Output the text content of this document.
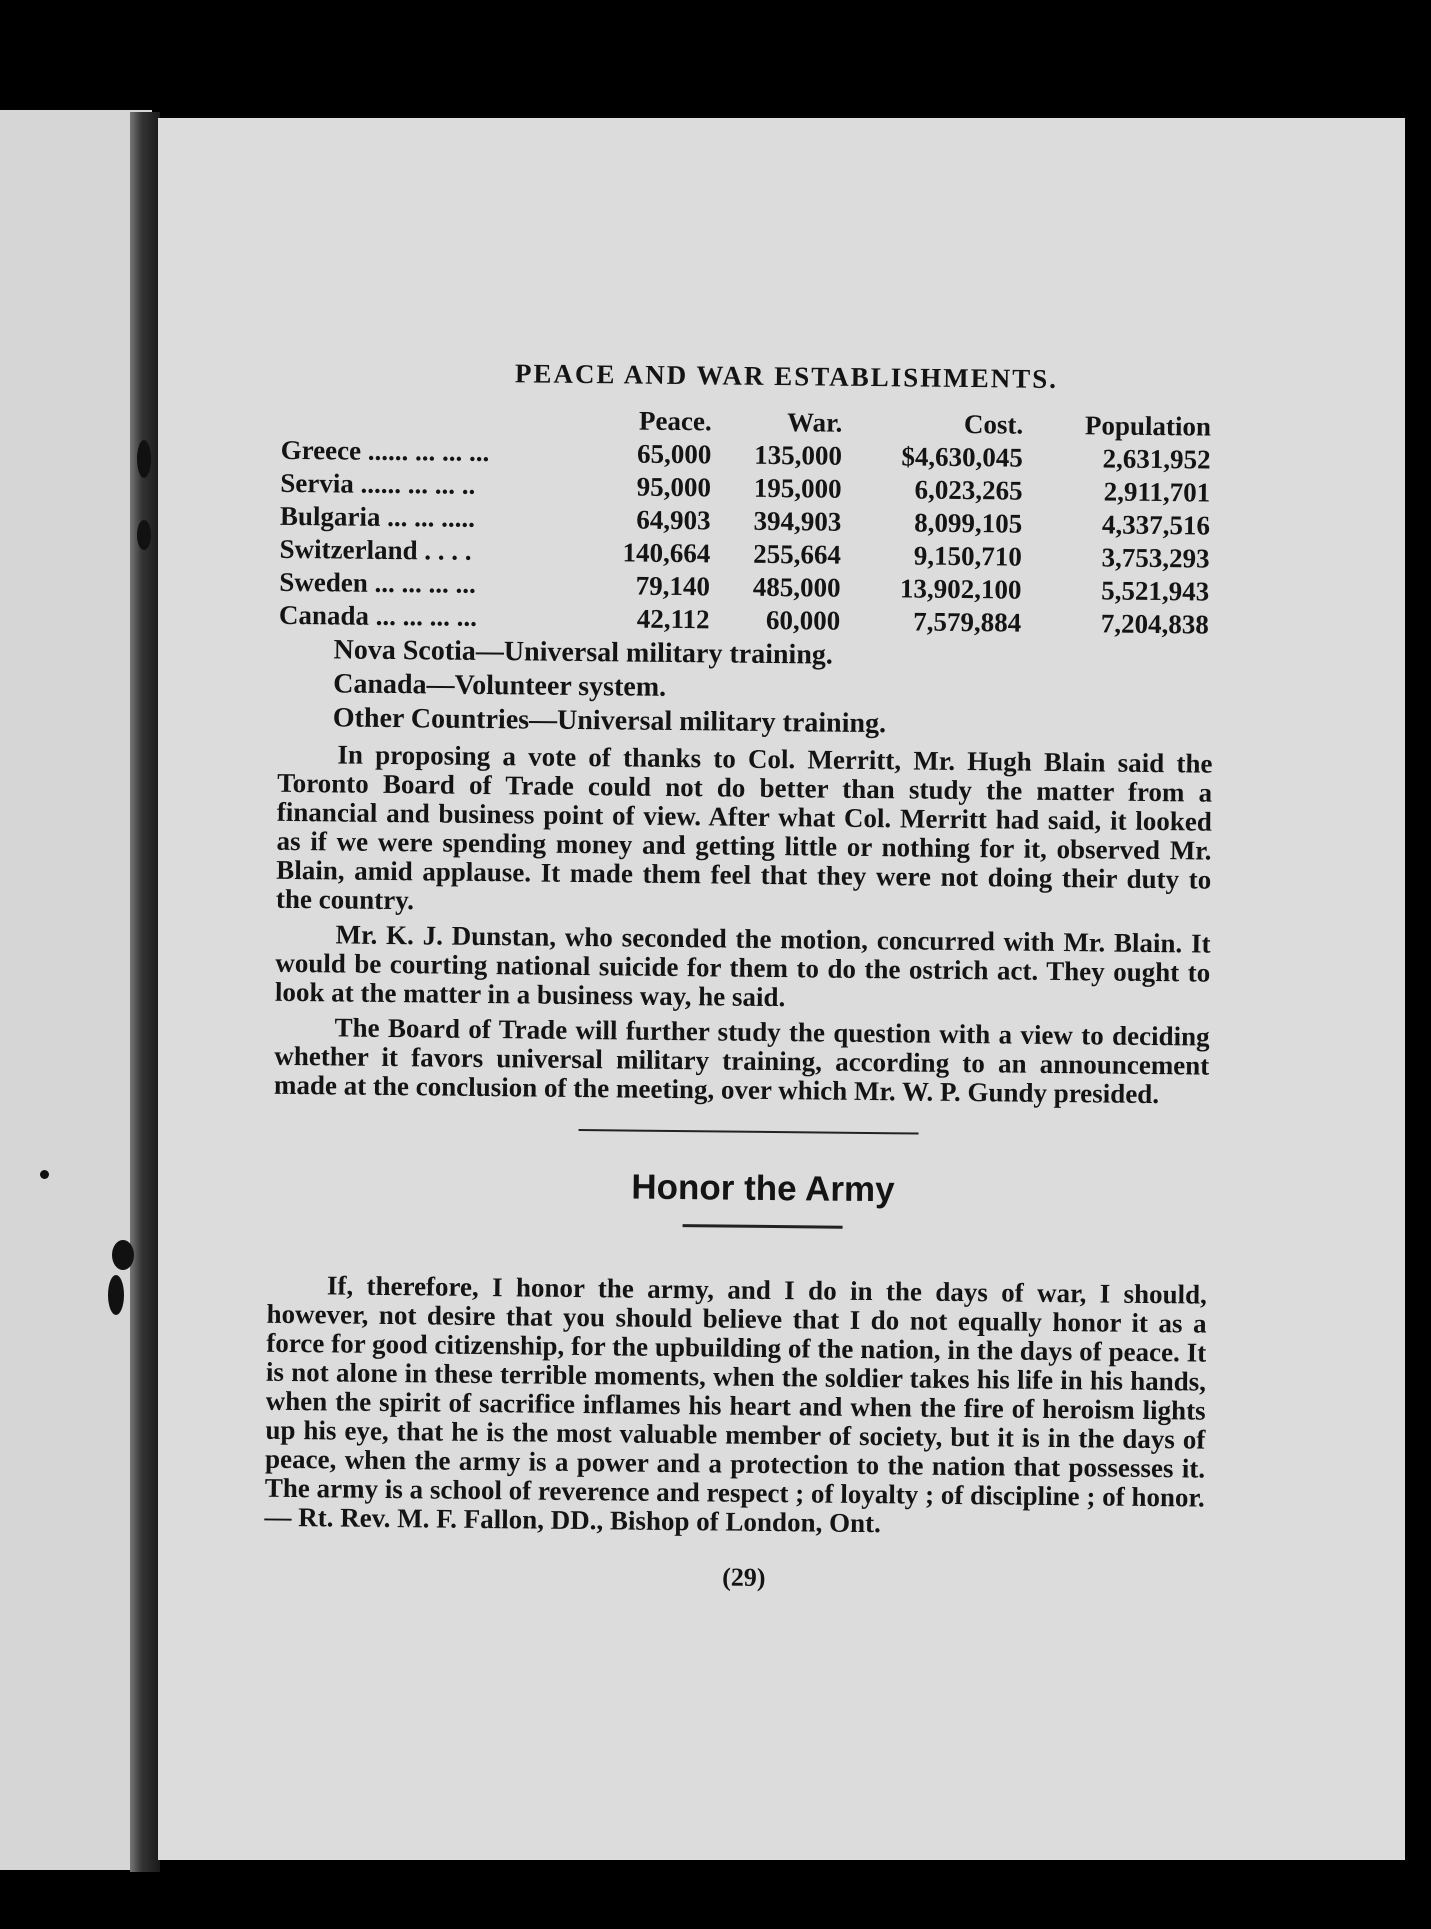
PEACE AND WAR ESTABLISHMENTS.
	Peace.	War.	Cost.	Population
Greece ...... ... ... ...	65,000	135,000	$4,630,045	2,631,952
Servia ...... ... ... ..	95,000	195,000	6,023,265	2,911,701
Bulgaria ... ... .....	64,903	394,903	8,099,105	4,337,516
Switzerland . . . .	140,664	255,664	9,150,710	3,753,293
Sweden ... ... ... ...	79,140	485,000	13,902,100	5,521,943
Canada ... ... ... ...	42,112	60,000	7,579,884	7,204,838
Nova Scotia—Universal military training.
Canada—Volunteer system.
Other Countries—Universal military training.

In proposing a vote of thanks to Col. Merritt, Mr. Hugh Blain said the Toronto Board of Trade could not do better than study the matter from a financial and business point of view. After what Col. Merritt had said, it looked as if we were spending money and getting little or nothing for it, observed Mr. Blain, amid applause. It made them feel that they were not doing their duty to the country.

Mr. K. J. Dunstan, who seconded the motion, concurred with Mr. Blain. It would be courting national suicide for them to do the ostrich act. They ought to look at the matter in a business way, he said.

The Board of Trade will further study the question with a view to deciding whether it favors universal military training, according to an announcement made at the conclusion of the meeting, over which Mr. W. P. Gundy presided.

Honor the Army

If, therefore, I honor the army, and I do in the days of war, I should, however, not desire that you should believe that I do not equally honor it as a force for good citizenship, for the upbuilding of the nation, in the days of peace. It is not alone in these terrible moments, when the soldier takes his life in his hands, when the spirit of sacrifice inflames his heart and when the fire of heroism lights up his eye, that he is the most valuable member of society, but it is in the days of peace, when the army is a power and a protection to the nation that possesses it. The army is a school of reverence and respect ; of loyalty ; of discipline ; of honor. — Rt. Rev. M. F. Fallon, DD., Bishop of London, Ont.

(29)
